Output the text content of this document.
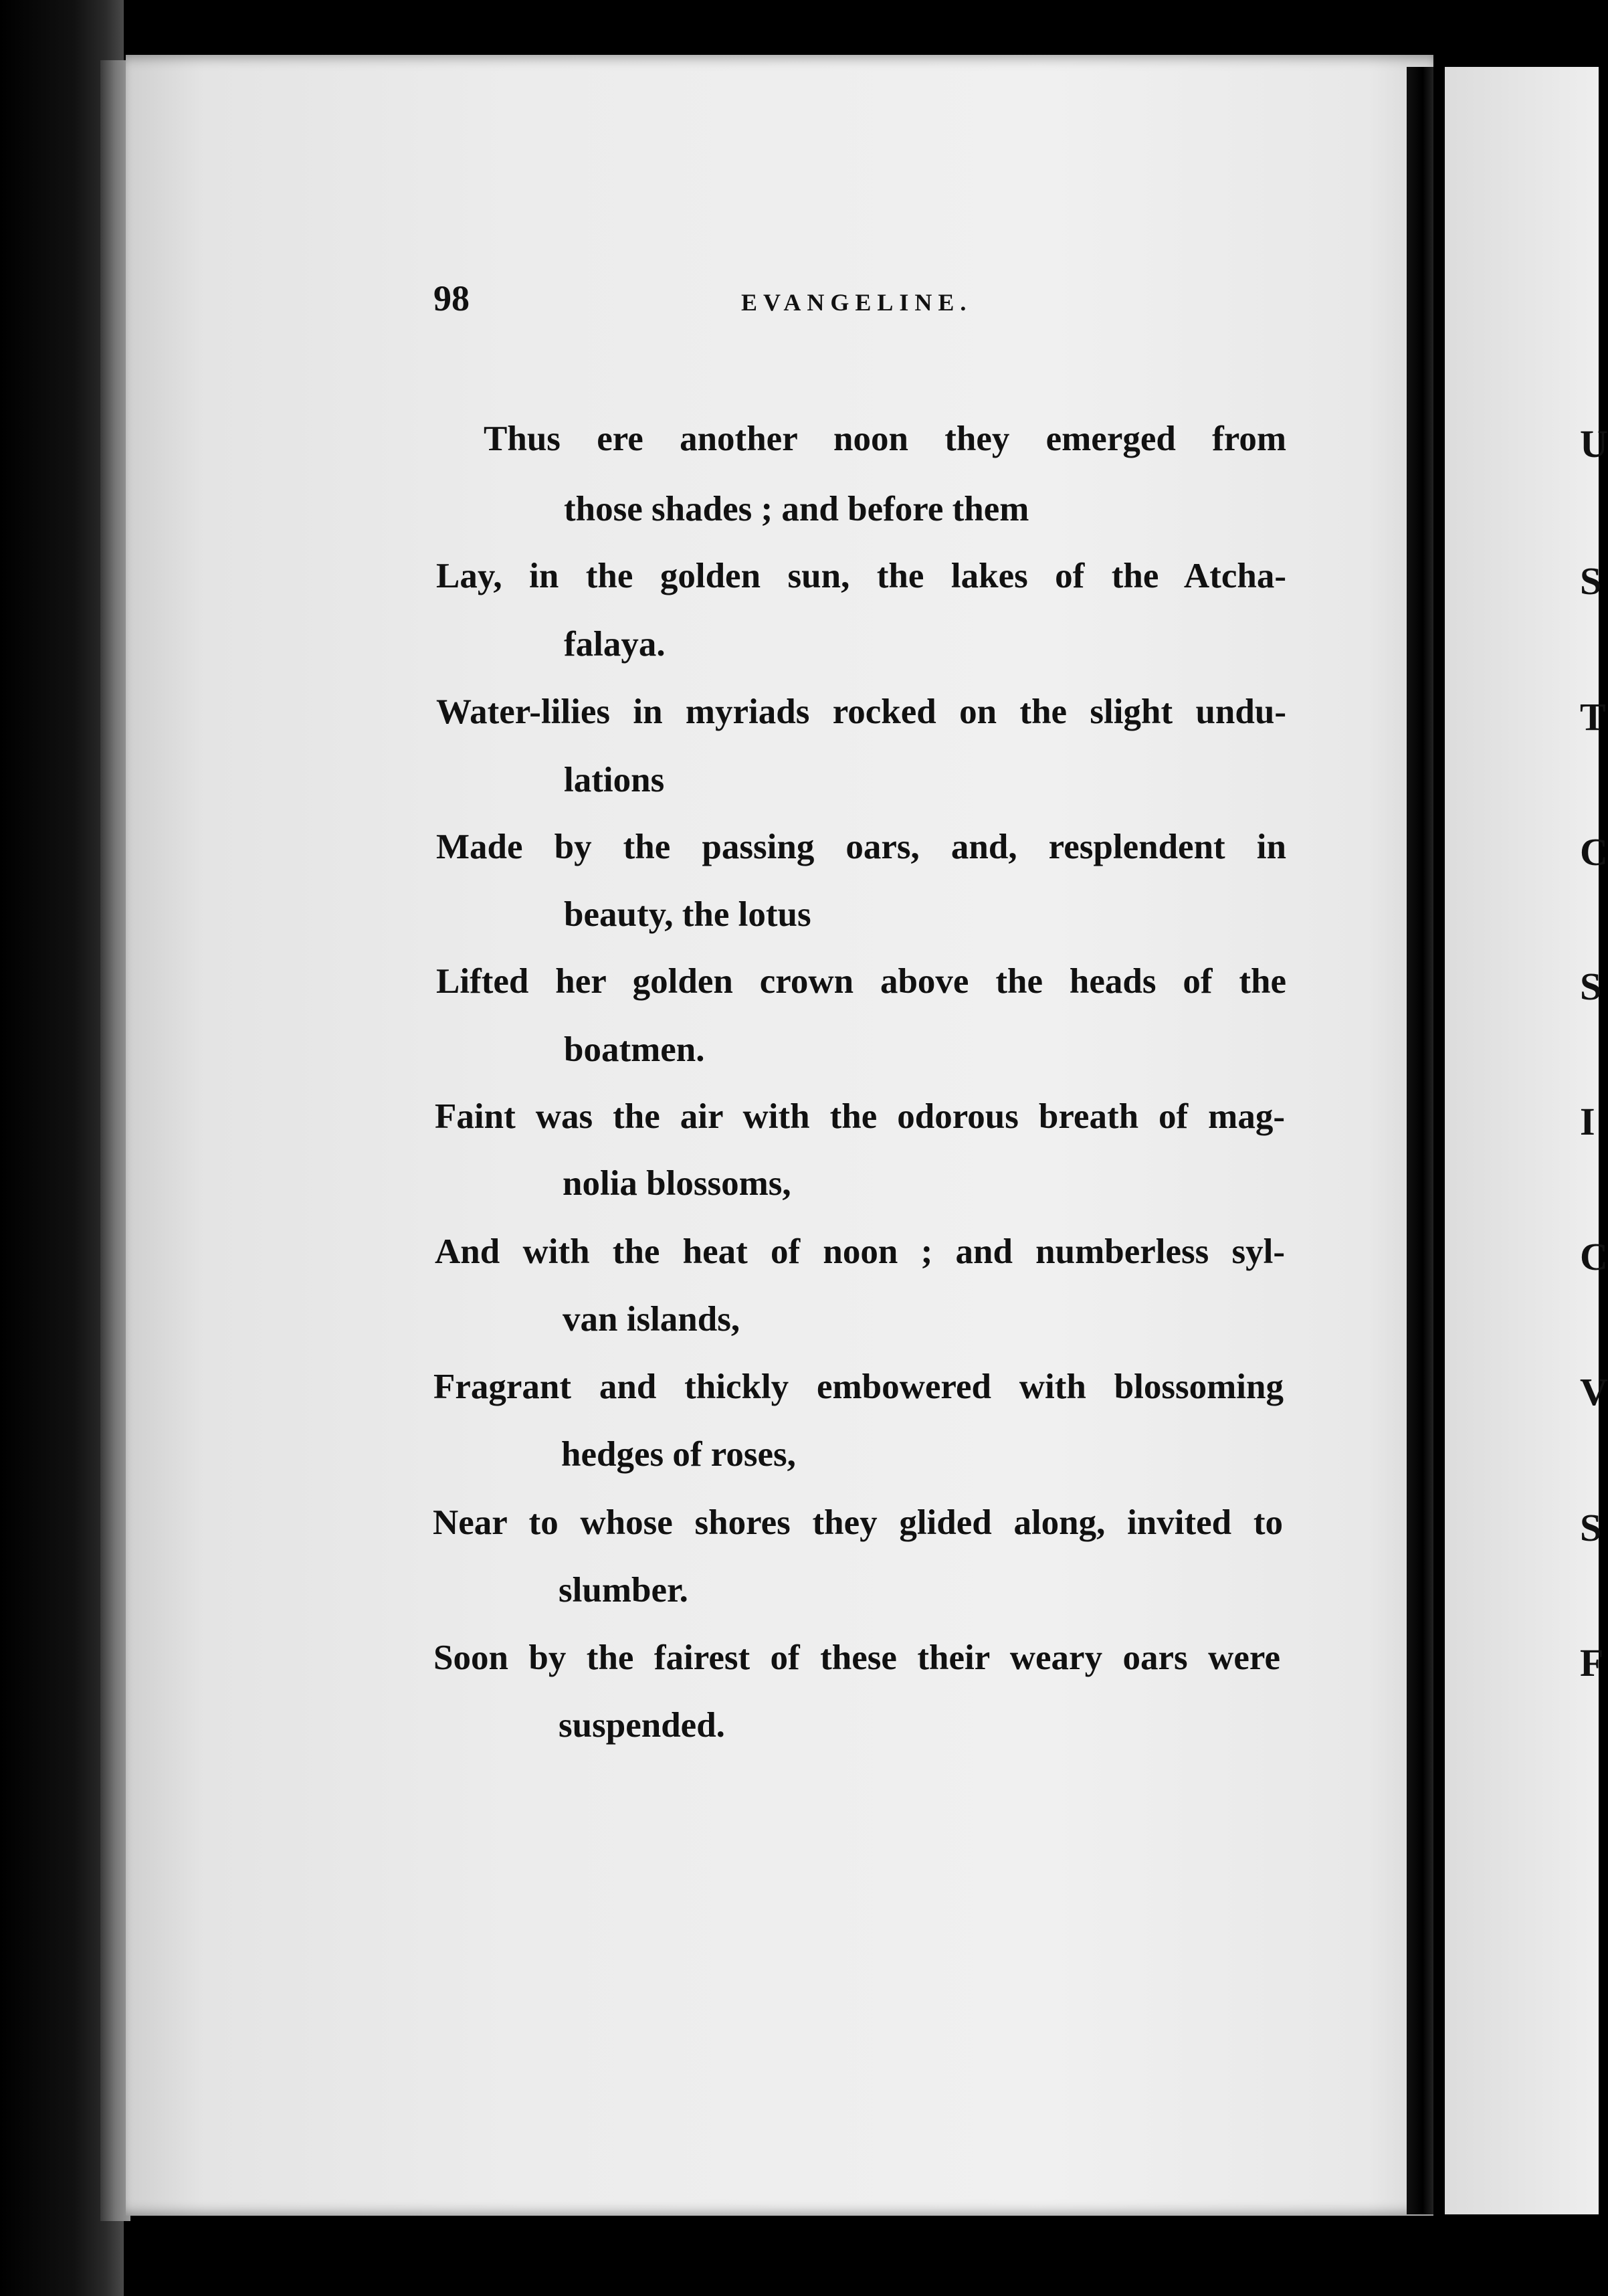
98	EVANGELINE.
Thus ere another noon they emerged from
those shades ; and before them
Lay, in the golden sun, the lakes of the Atcha-
falaya.
Water-lilies in myriads rocked on the slight undu-
lations
Made by the passing oars, and, resplendent in
beauty, the lotus
Lifted her golden crown above the heads of the
boatmen.
Faint was the air with the odorous breath of mag-
nolia blossoms,
And with the heat of noon ; and numberless syl-
van islands,
Fragrant and thickly embowered with blossoming
hedges of roses,
Near to whose shores they glided along, invited to
slumber.
Soon by the fairest of these their weary oars were
suspended.
U
S
T
C
S
I
C
V
S
F
